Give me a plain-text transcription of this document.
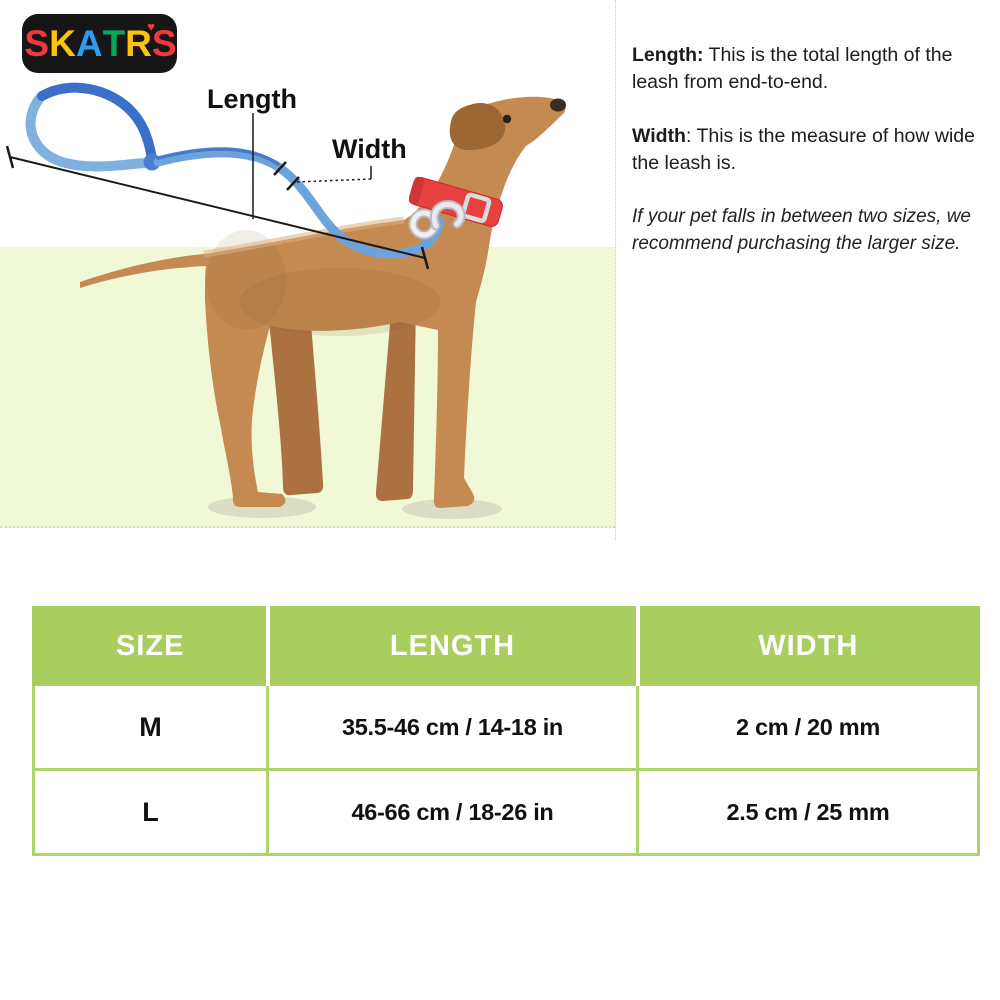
S K A T R S
♥
Length
Width

Length: This is the total length of the leash from end-to-end.

Width: This is the measure of how wide the leash is.

If your pet falls in between two sizes, we recommend purchasing the larger size.

SIZE	LENGTH	WIDTH
M	35.5-46 cm / 14-18 in	2 cm / 20 mm
L	46-66 cm / 18-26 in	2.5 cm / 25 mm
